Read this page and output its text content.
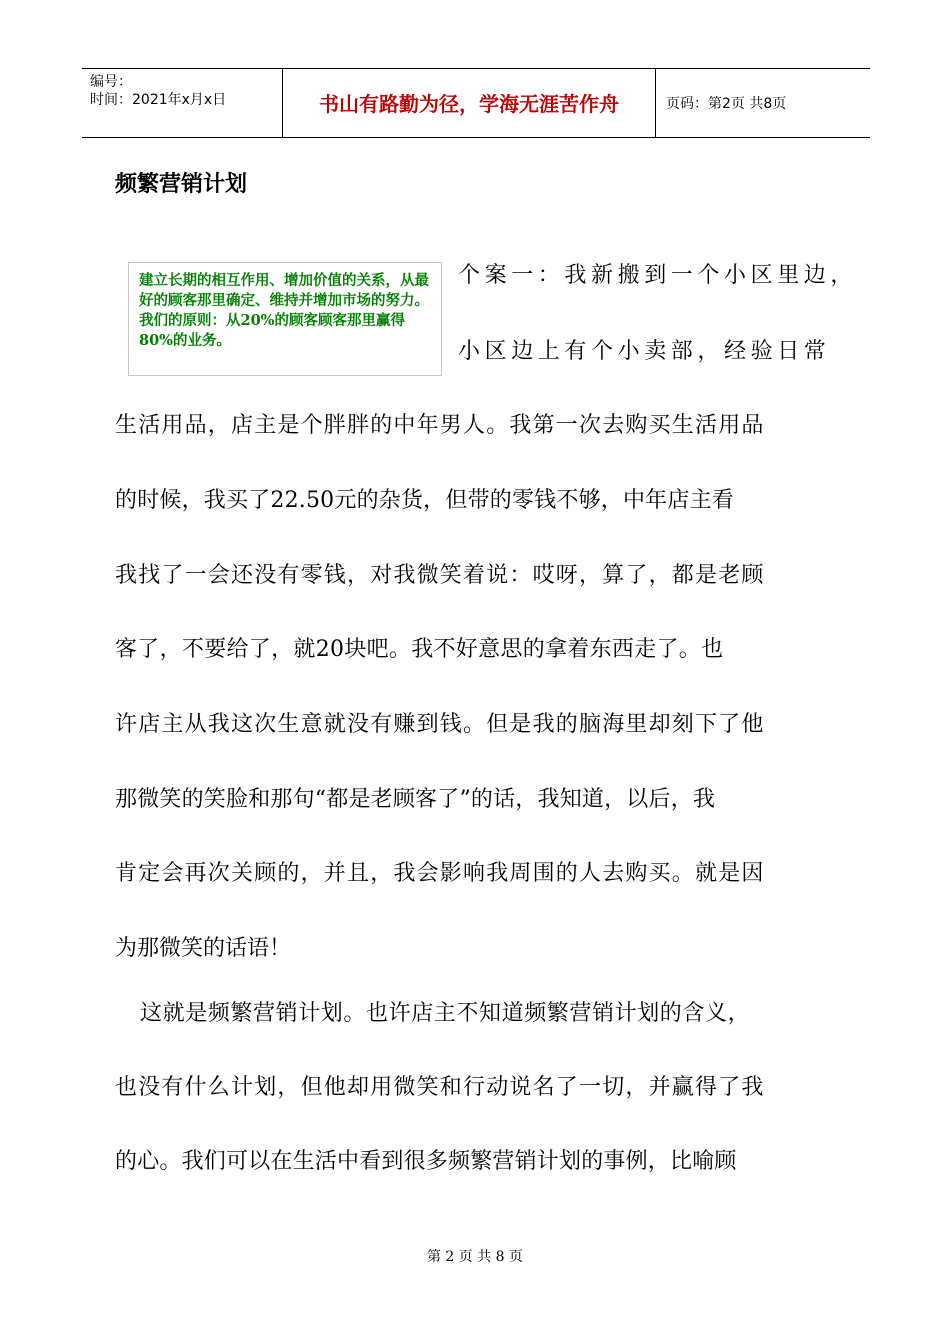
编号：
时间：2021年x月x日	书山有路勤为径，学海无涯苦作舟	页码：第2页 共8页
频繁营销计划
建立长期的相互作用、增加价值的关系，从最好的顾客那里确定、维持并增加市场的努力。我们的原则：从20%的顾客顾客那里赢得80%的业务。

个案一：我新搬到一个小区里边，

小区边上有个小卖部，经验日常

生活用品，店主是个胖胖的中年男人。我第一次去购买生活用品

的时候，我买了22.50元的杂货，但带的零钱不够，中年店主看

我找了一会还没有零钱，对我微笑着说：哎呀，算了，都是老顾

客了，不要给了，就20块吧。我不好意思的拿着东西走了。也

许店主从我这次生意就没有赚到钱。但是我的脑海里却刻下了他

那微笑的笑脸和那句“都是老顾客了”的话，我知道，以后，我

肯定会再次关顾的，并且，我会影响我周围的人去购买。就是因

为那微笑的话语！

这就是频繁营销计划。也许店主不知道频繁营销计划的含义，

也没有什么计划，但他却用微笑和行动说名了一切，并赢得了我

的心。我们可以在生活中看到很多频繁营销计划的事例，比喻顾

第 2 页 共 8 页
